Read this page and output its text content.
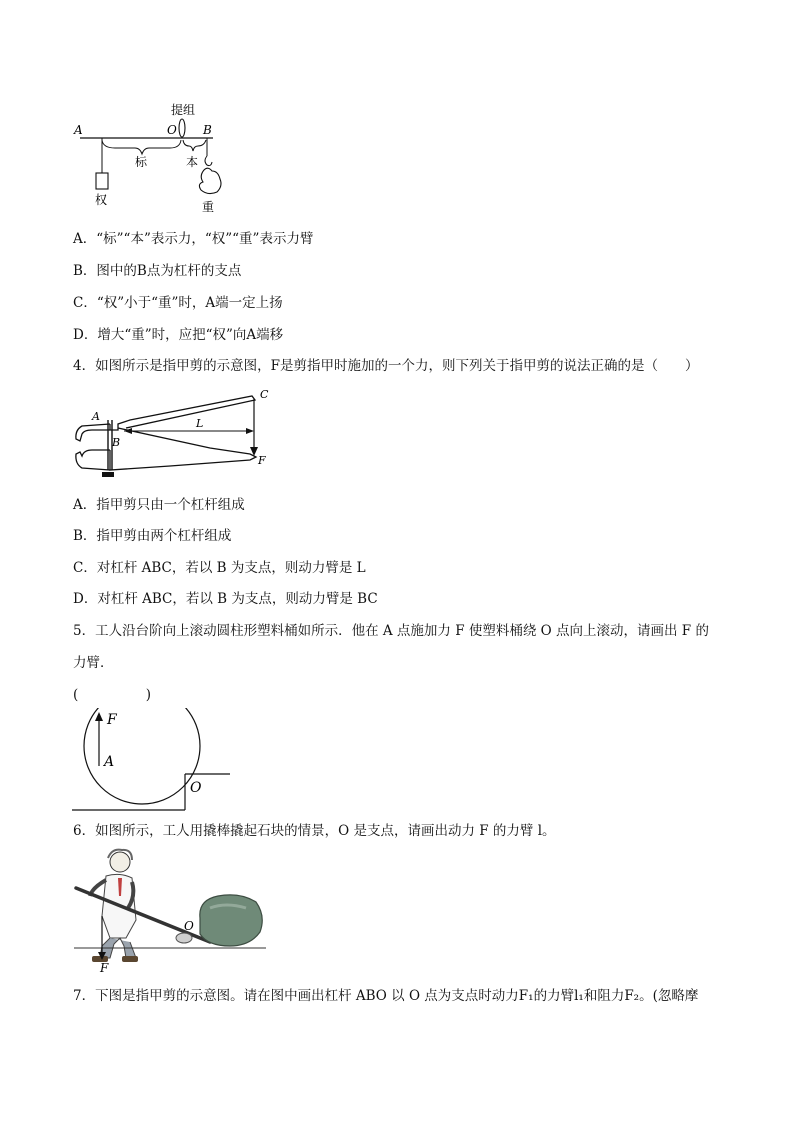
提组
A	O B
标	本
权	重
A．“标”“本”表示力，“权”“重”表示力臂
B．图中的B点为杠杆的支点
C．“权”小于“重”时，A端一定上扬
D．增大“重”时，应把“权”向A端移
4．如图所示是指甲剪的示意图，F是剪指甲时施加的一个力，则下列关于指甲剪的说法正确的是（　　）
A
B
C
L
F
A．指甲剪只由一个杠杆组成
B．指甲剪由两个杠杆组成
C．对杠杆 ABC，若以 B 为支点，则动力臂是 L
D．对杠杆 ABC，若以 B 为支点，则动力臂是 BC
5．工人沿台阶向上滚动圆柱形塑料桶如所示．他在 A 点施加力 F 使塑料桶绕 O 点向上滚动，请画出 F 的
力臂．
(　　　　　)
F
A
O
6．如图所示，工人用撬棒撬起石块的情景，O 是支点，请画出动力 F 的力臂 l。
O
F
7．下图是指甲剪的示意图。请在图中画出杠杆 ABO 以 O 点为支点时动力F₁的力臂l₁和阻力F₂。(忽略摩
